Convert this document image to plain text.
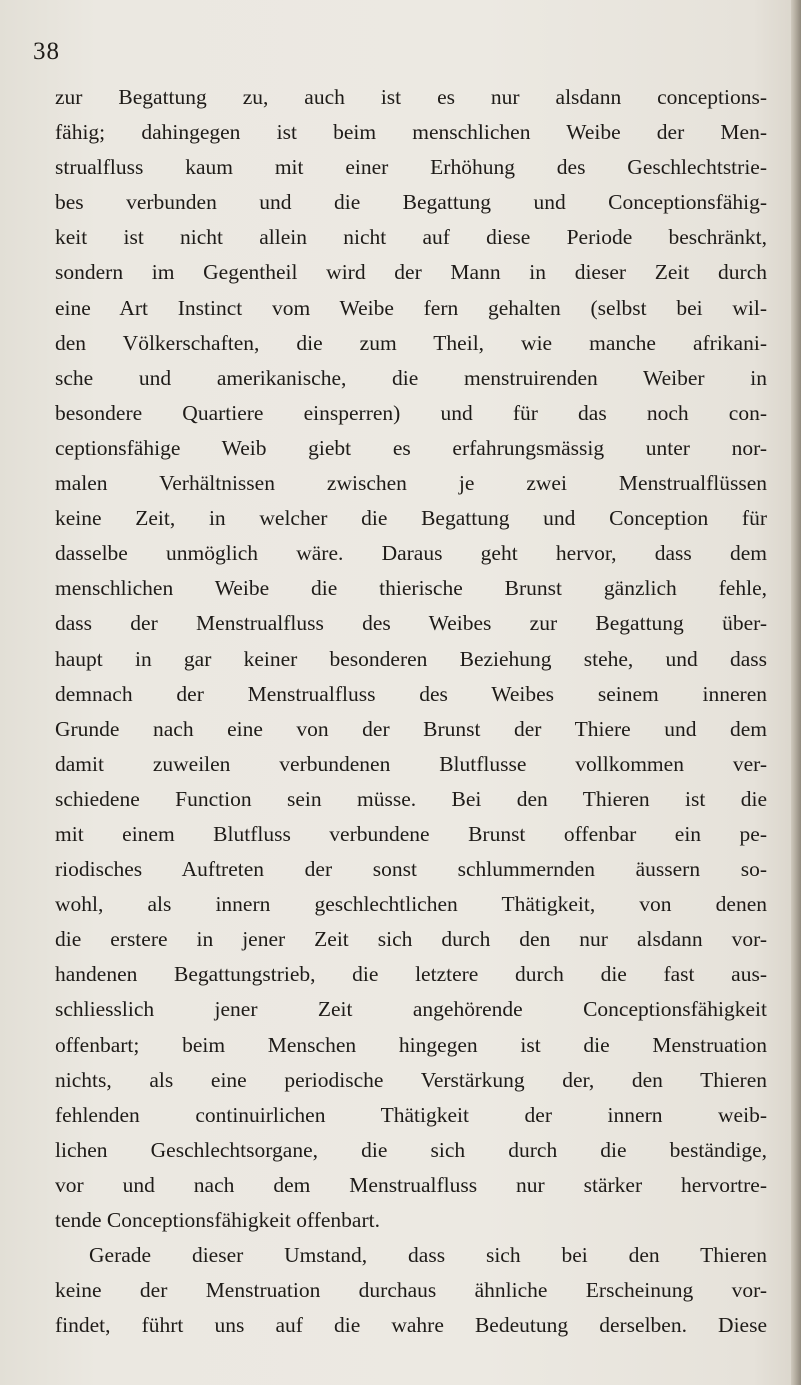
38
zur Begattung zu, auch ist es nur alsdann conceptions-
fähig; dahingegen ist beim menschlichen Weibe der Men-
strualfluss kaum mit einer Erhöhung des Geschlechtstrie-
bes verbunden und die Begattung und Conceptionsfähig-
keit ist nicht allein nicht auf diese Periode beschränkt,
sondern im Gegentheil wird der Mann in dieser Zeit durch
eine Art Instinct vom Weibe fern gehalten (selbst bei wil-
den Völkerschaften, die zum Theil, wie manche afrikani-
sche und amerikanische, die menstruirenden Weiber in
besondere Quartiere einsperren) und für das noch con-
ceptionsfähige Weib giebt es erfahrungsmässig unter nor-
malen Verhältnissen zwischen je zwei Menstrualflüssen
keine Zeit, in welcher die Begattung und Conception für
dasselbe unmöglich wäre. Daraus geht hervor, dass dem
menschlichen Weibe die thierische Brunst gänzlich fehle,
dass der Menstrualfluss des Weibes zur Begattung über-
haupt in gar keiner besonderen Beziehung stehe, und dass
demnach der Menstrualfluss des Weibes seinem inneren
Grunde nach eine von der Brunst der Thiere und dem
damit zuweilen verbundenen Blutflusse vollkommen ver-
schiedene Function sein müsse. Bei den Thieren ist die
mit einem Blutfluss verbundene Brunst offenbar ein pe-
riodisches Auftreten der sonst schlummernden äussern so-
wohl, als innern geschlechtlichen Thätigkeit, von denen
die erstere in jener Zeit sich durch den nur alsdann vor-
handenen Begattungstrieb, die letztere durch die fast aus-
schliesslich jener Zeit angehörende Conceptionsfähigkeit
offenbart; beim Menschen hingegen ist die Menstruation
nichts, als eine periodische Verstärkung der, den Thieren
fehlenden continuirlichen Thätigkeit der innern weib-
lichen Geschlechtsorgane, die sich durch die beständige,
vor und nach dem Menstrualfluss nur stärker hervortre-
tende Conceptionsfähigkeit offenbart.
Gerade dieser Umstand, dass sich bei den Thieren
keine der Menstruation durchaus ähnliche Erscheinung vor-
findet, führt uns auf die wahre Bedeutung derselben. Diese
